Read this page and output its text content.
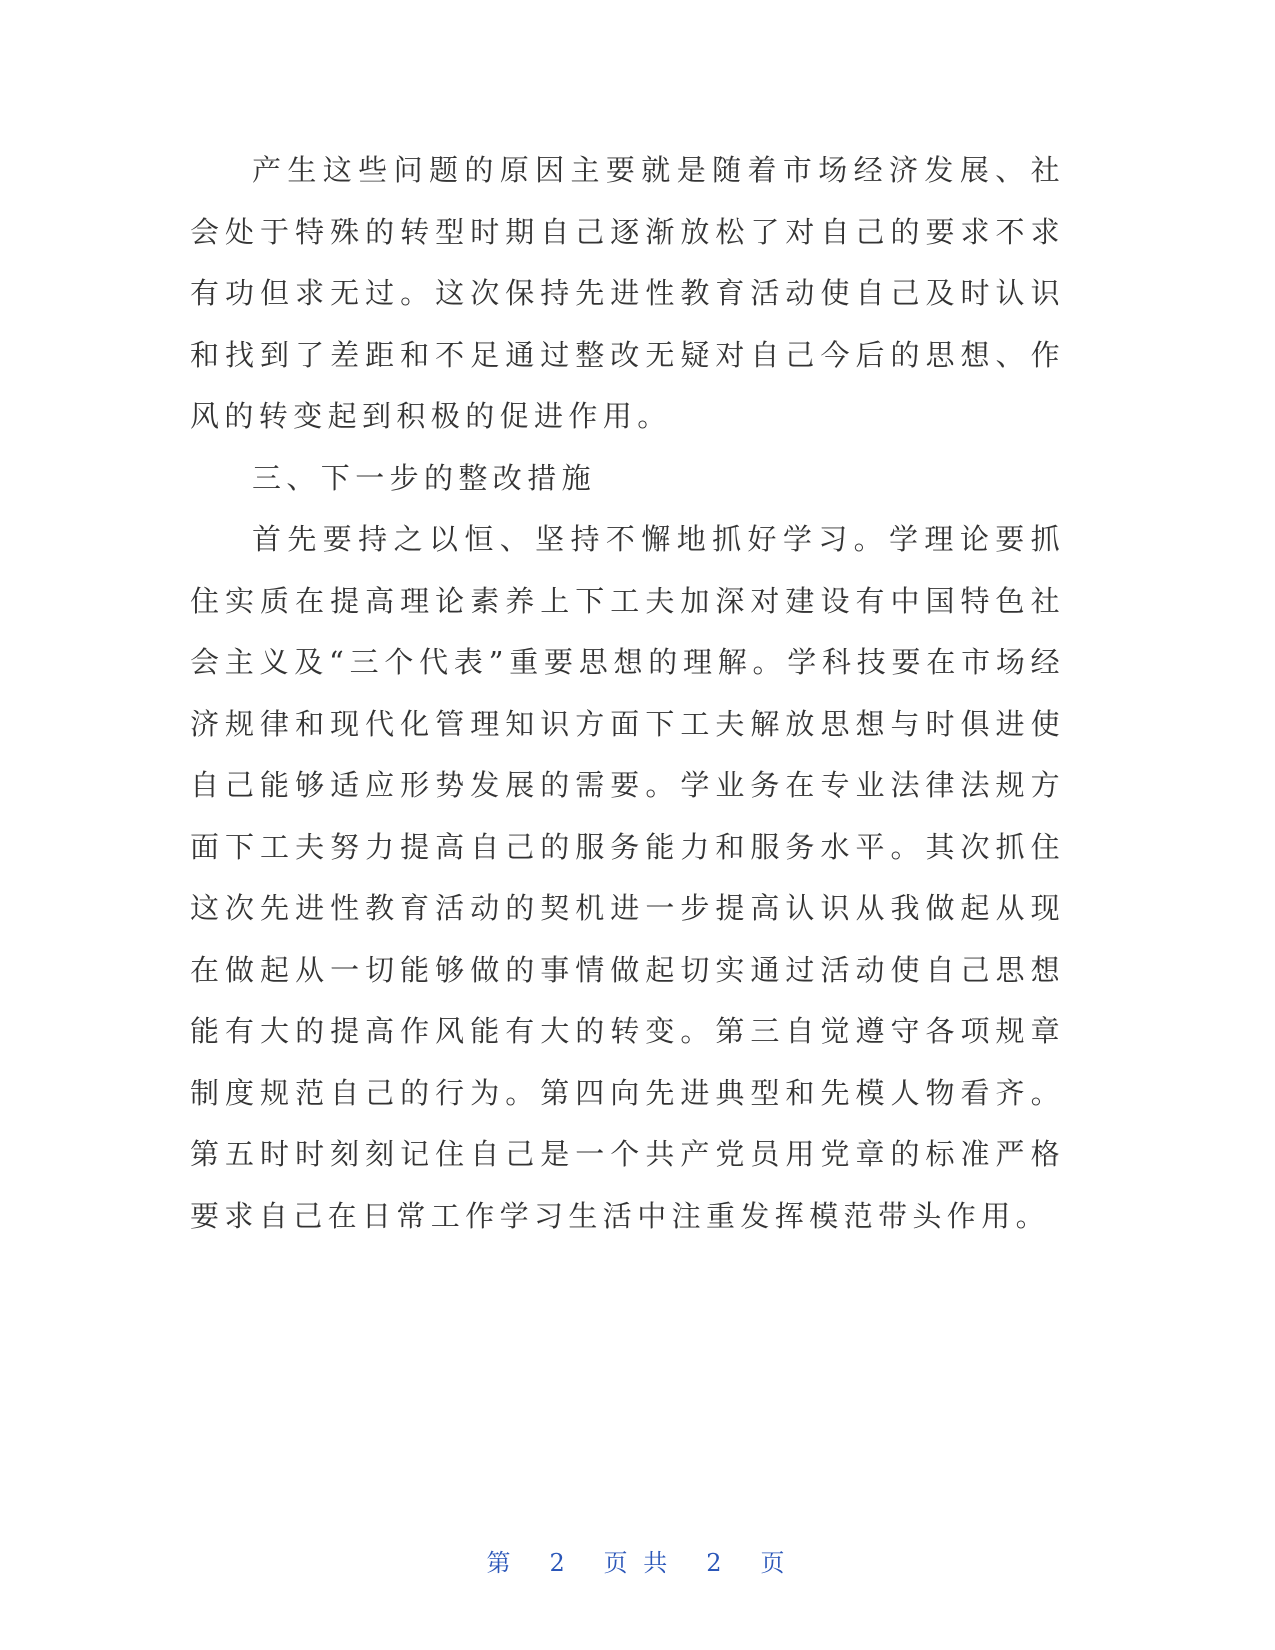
产生这些问题的原因主要就是随着市场经济发展、社会处于特殊的转型时期自己逐渐放松了对自己的要求不求有功但求无过。这次保持先进性教育活动使自己及时认识和找到了差距和不足通过整改无疑对自己今后的思想、作风的转变起到积极的促进作用。

三、下一步的整改措施

首先要持之以恒、坚持不懈地抓好学习。学理论要抓住实质在提高理论素养上下工夫加深对建设有中国特色社会主义及“三个代表”重要思想的理解。学科技要在市场经济规律和现代化管理知识方面下工夫解放思想与时俱进使自己能够适应形势发展的需要。学业务在专业法律法规方面下工夫努力提高自己的服务能力和服务水平。其次抓住这次先进性教育活动的契机进一步提高认识从我做起从现在做起从一切能够做的事情做起切实通过活动使自己思想能有大的提高作风能有大的转变。第三自觉遵守各项规章制度规范自己的行为。第四向先进典型和先模人物看齐。第五时时刻刻记住自己是一个共产党员用党章的标准严格要求自己在日常工作学习生活中注重发挥模范带头作用。

第 2 页 共 2 页
